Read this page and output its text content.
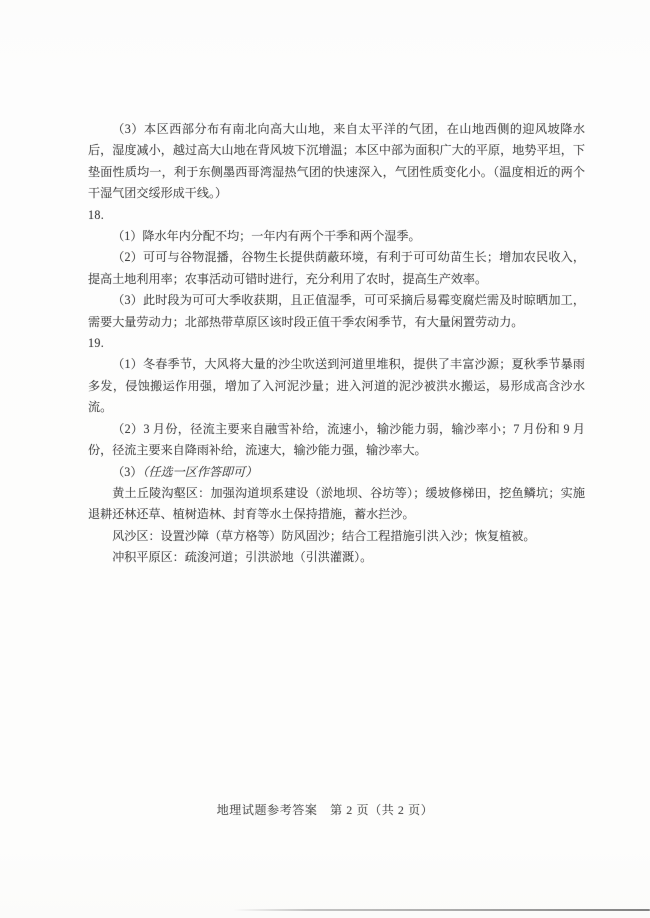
（3）本区西部分布有南北向高大山地，来自太平洋的气团，在山地西侧的迎风坡降水后，湿度减小，越过高大山地在背风坡下沉增温；本区中部为面积广大的平原，地势平坦，下垫面性质均一，利于东侧墨西哥湾湿热气团的快速深入，气团性质变化小。（温度相近的两个干湿气团交绥形成干线。）

18.

（1）降水年内分配不均；一年内有两个干季和两个湿季。

（2）可可与谷物混播，谷物生长提供荫蔽环境，有利于可可幼苗生长；增加农民收入，提高土地利用率；农事活动可错时进行，充分利用了农时，提高生产效率。

（3）此时段为可可大季收获期，且正值湿季，可可采摘后易霉变腐烂需及时晾晒加工，需要大量劳动力；北部热带草原区该时段正值干季农闲季节，有大量闲置劳动力。

19.

（1）冬春季节，大风将大量的沙尘吹送到河道里堆积，提供了丰富沙源；夏秋季节暴雨多发，侵蚀搬运作用强，增加了入河泥沙量；进入河道的泥沙被洪水搬运，易形成高含沙水流。

（2）3 月份，径流主要来自融雪补给，流速小，输沙能力弱，输沙率小；7 月份和 9 月份，径流主要来自降雨补给，流速大，输沙能力强，输沙率大。

（3）（任选一区作答即可）

黄土丘陵沟壑区：加强沟道坝系建设（淤地坝、谷坊等）；缓坡修梯田，挖鱼鳞坑；实施退耕还林还草、植树造林、封育等水土保持措施，蓄水拦沙。

风沙区：设置沙障（草方格等）防风固沙；结合工程措施引洪入沙；恢复植被。

冲积平原区：疏浚河道；引洪淤地（引洪灌溉）。

地理试题参考答案　第 2 页（共 2 页）
